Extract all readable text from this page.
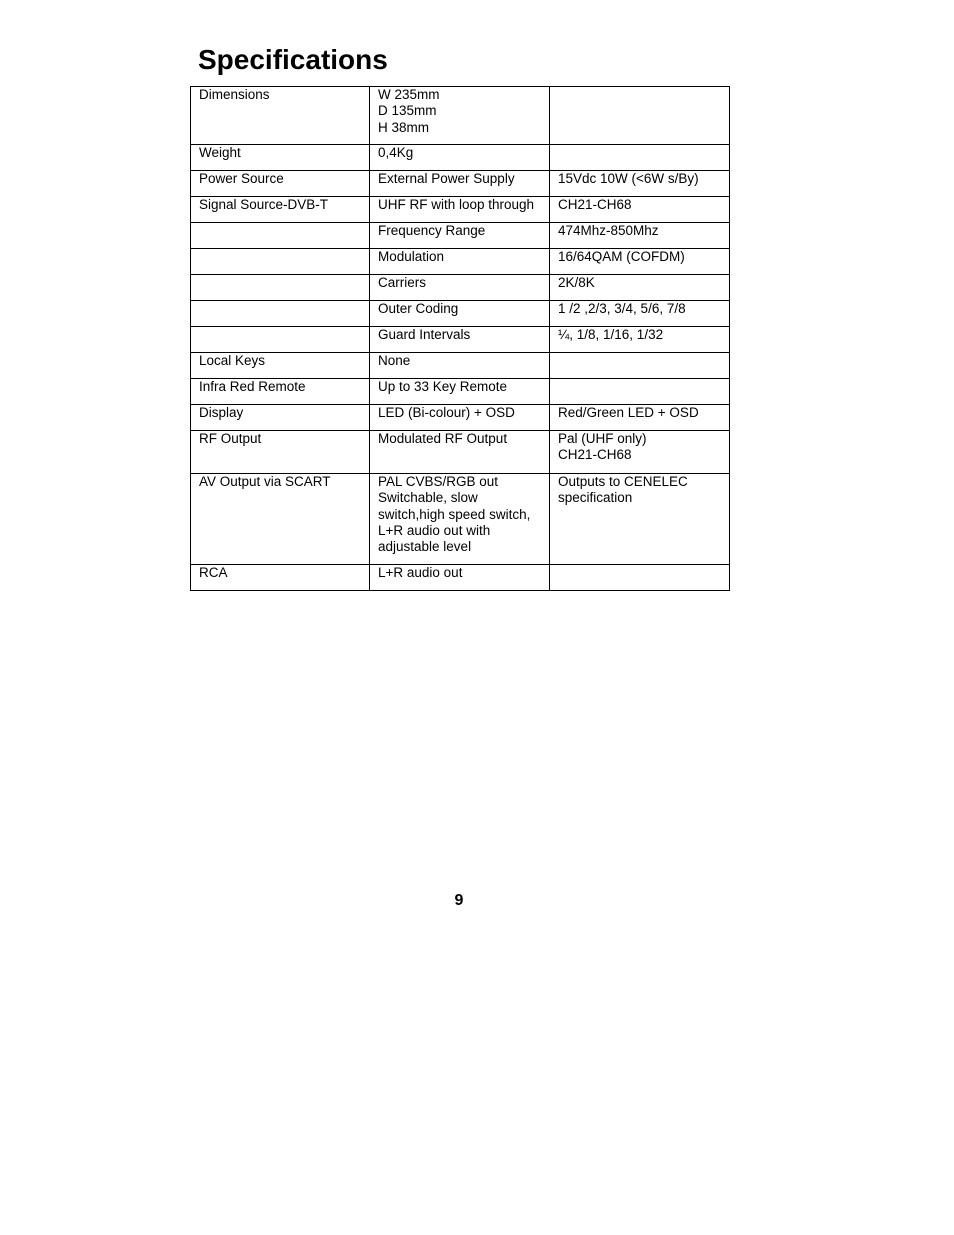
Specifications
Dimensions	W 235mm
D 135mm
H 38mm	
Weight	0,4Kg	
Power Source	External Power Supply	15Vdc 10W (<6W s/By)
Signal Source-DVB-T	UHF RF with loop through	CH21-CH68
	Frequency Range	474Mhz-850Mhz
	Modulation	16/64QAM (COFDM)
	Carriers	2K/8K
	Outer Coding	1 /2 ,2/3, 3/4, 5/6, 7/8
	Guard Intervals	¼, 1/8, 1/16, 1/32
Local Keys	None	
Infra Red Remote	Up to 33 Key Remote	
Display	LED (Bi-colour) + OSD	Red/Green LED + OSD
RF Output	Modulated RF Output	Pal (UHF only)
CH21-CH68
AV Output via SCART	PAL CVBS/RGB out
Switchable, slow
switch,high speed switch,
L+R audio out with
adjustable level	Outputs to CENELEC
specification
RCA	L+R audio out	
9
